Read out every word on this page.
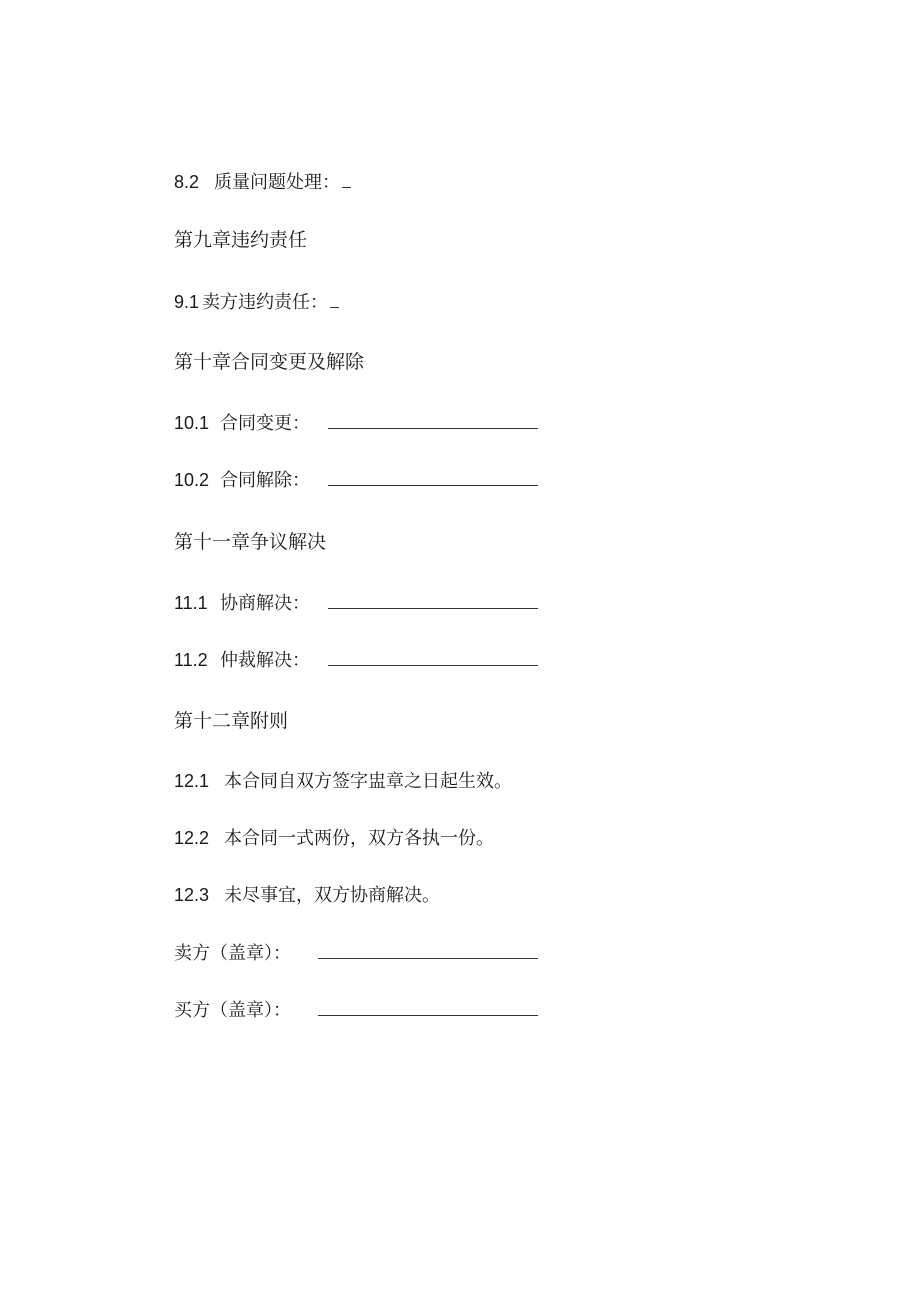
8.2 质量问题处理：
第九章违约责任
9.1 卖方违约责任：
第十章合同变更及解除
10.1 合同变更：
10.2 合同解除：
第十一章争议解决
11.1 协商解决：
11.2 仲裁解决：
第十二章附则
12.1 本合同自双方签字盅章之日起生效。
12.2 本合同一式两份，双方各执一份。
12.3 未尽事宜，双方协商解决。
卖方（盖章）：
买方（盖章）：
